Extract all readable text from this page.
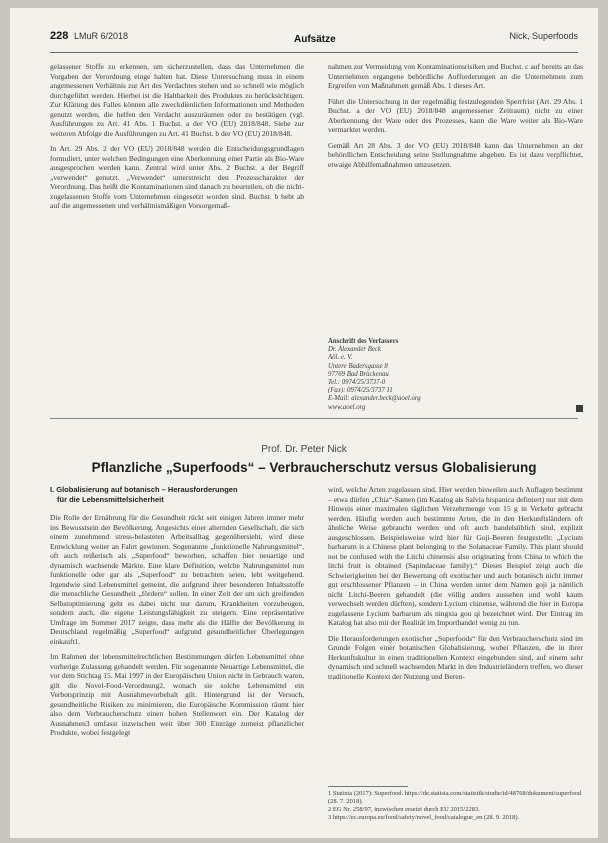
228 LMuR 6/2018	Aufsätze	Nick, Superfoods

gelassener Stoffe zu erkennen, um sicherzustellen, dass das Unternehmen die Vorgaben der Verordnung einge halten hat. Diese Untersuchung muss in einem angemessenen Verhältnis zur Art des Verdachtes stehen und so schnell wie möglich durchgeführt werden. Hierbei ist die Haltbarkeit des Produktes zu berücksichtigen. Zur Klärung des Falles können alle zweckdienlichen Informationen und Methoden genutzt werden, die helfen den Verdacht auszuräumen oder zu bestätigen (vgl. Ausführungen zu Art. 41 Abs. 1 Buchst. a der VO (EU) 2018/848. Siehe zur weiteren Abfolge die Ausführungen zu Art. 41 Buchst. b der VO (EU) 2018/848.

In Art. 29 Abs. 2 der VO (EU) 2018/848 werden die Entscheidungsgrundlagen formuliert, unter welchen Bedingungen eine Aberkennung einer Partie als Bio-Ware ausgesprochen werden kann. Zentral wird unter Abs. 2 Buchst. a der Begriff „verwendet“ genutzt. „Verwendet“ unterstreicht den Prozesscharakter der Verordnung. Das heißt die Kontaminationen sind danach zu beurteilen, ob die nicht-zugelassenen Stoffe vom Unternehmen eingesetzt worden sind. Buchst. b hebt ab auf die angemessenen und verhältnismäßigen Vorsorgemaß-

nahmen zur Vermeidung von Kontaminationsrisiken und Buchst. c auf bereits an das Unternehmen ergangene behördliche Aufforderungen an die Unternehmen zum Ergreifen von Maßnahmen gemäß Abs. 1 dieses Art.

Führt die Untersuchung in der regelmäßig festzulegenden Sperrfrist (Art. 29 Abs. 1 Buchst. a der VO (EU) 2018/848 angemessener Zeitraum) nicht zu einer Aberkennung der Ware oder des Prozesses, kann die Ware weiter als Bio-Ware vermarktet werden.

Gemäß Art 28 Abs. 3 der VO (EU) 2018/848 kann das Unternehmen an der behördlichen Entscheidung seine Stellungnahme abgeben. Es ist dazu verpflichtet, etwaige Abhilfemaßnahmen umzusetzen.

Anschrift des Verfassers
Dr. Alexander Beck
Aöl. e. V.
Untere Badersgasse 8
97769 Bad Brückenau
Tel.: 0974/25/3737-0
(Fax): 0974/25/3737 11
E-Mail: alexander.beck@aoel.org
www.aoel.org
Prof. Dr. Peter Nick
Pflanzliche „Superfoods“ – Verbraucherschutz versus Globalisierung
I. Globalisierung auf botanisch – Herausforderungen
für die Lebensmittelsicherheit

Die Rolle der Ernährung für die Gesundheit rückt seit einigen Jahren immer mehr ins Bewusstsein der Bevölkerung. Angesichts einer alternden Gesellschaft, die sich einem zunehmend stress-belasteten Arbeitsalltag gegenübersieht, wird diese Entwicklung weiter an Fahrt gewinnen. Sogenannte „funktionelle Nahrungsmittel“, oft auch reißerisch als „Superfood“ beworben, schaffen hier neuartige und dynamisch wachsende Märkte. Eine klare Definition, welche Nahrungsmittel nun funktionelle oder gar als „Superfood“ zu betrachten seien, lebt weitgehend. Irgendwie sind Lebensmittel gemeint, die aufgrund ihrer besonderen Inhaltsstoffe die menschliche Gesundheit „fördern“ sollen. In einer Zeit der um sich greifenden Selbstoptimierung geht es dabei nicht nur darum, Krankheiten vorzubeugen, sondern auch, die eigene Leistungsfähigkeit zu steigern. Eine repräsentative Umfrage im Sommer 2017 zeigte, dass mehr als die Hälfte der Bevölkerung in Deutschland regelmäßig „Superfood“ aufgrund gesundheitlicher Überlegungen einkauft1.

Im Rahmen der lebensmittelrechtlichen Bestimmungen dürfen Lebensmittel ohne vorherige Zulassung gehandelt werden. Für sogenannte Neuartige Lebensmittel, die vor dem Stichtag 15. Mai 1997 in der Europäischen Union nicht in Gebrauch waren, gilt die Novel-Food-Verordnung2, wonach sie solche Lebensmittel ein Verbotsprinzip mit Ausnahmevorbehalt gilt. Hintergrund ist der Versuch, gesundheitliche Risiken zu minimieren, die Europäische Kommission räumt hier also dem Verbraucherschutz einen hohen Stellenwert ein. Der Katalog der Ausnahmen3 umfasst inzwischen weit über 300 Einträge zumeist pflanzlicher Produkte, wobei festgelegt

wird, welche Arten zugelassen sind. Hier werden bisweilen auch Auflagen bestimmt – etwa dürfen „Chia“-Samen (im Katalog als Salvia hispanica definiert) nur mit dem Hinweis einer maximalen täglichen Verzehrmenge von 15 g in Verkehr gebracht werden. Häufig werden auch bestimmte Arten, die in den Herkunftsländern oft ähnliche Weise gebraucht werden und oft auch handelsüblich sind, explizit ausgeschlossen. Beispielsweise wird hier für Goji-Beeren festgestellt: „Lycium barbarum is a Chinese plant belonging to the Solanaceae Family. This plant should not be confused with the Litchi chinensis also originating from China to which the litchi fruit is obtained (Sapindaceae family).“ Dieses Beispiel zeigt auch die Schwierigkeiten bei der Bewertung oft exotischer und auch botanisch nicht immer gut erschlossener Pflanzen – in China werden unter dem Namen goji ja nämlich nicht Litchi-Beeren gehandelt (die völlig anders aussehen und wohl kaum verwechselt werden dürften), sondern Lycium chinense, während die hier in Europa zugelassene Lycium barbarum als ningxia gou qi bezeichnet wird. Der Eintrag im Katalog hat also mit der Realität im Importhandel wenig zu tun.

Die Herausforderungen exotischer „Superfoods“ für den Verbraucherschutz sind im Grunde Folgen einer botanischen Globalisierung, wobei Pflanzen, die in ihrer Herkunftskultur in einen traditionellen Kontext eingebunden sind, auf einem sehr dynamisch und schnell wachsenden Markt in den Industrieländern treffen, wo dieser traditionelle Kontext der Nutzung und Beren-

1 Statista (2017): Superfood. https://de.statista.com/statistik/studie/id/48768/dokument/superfood (28. 7. 2018).
2 EG Nr. 258/97, inzwischen ersetzt durch EU 2015/2283.
3 https://ec.europa.eu/food/safety/novel_food/catalogue_en (28. 9. 2018).
